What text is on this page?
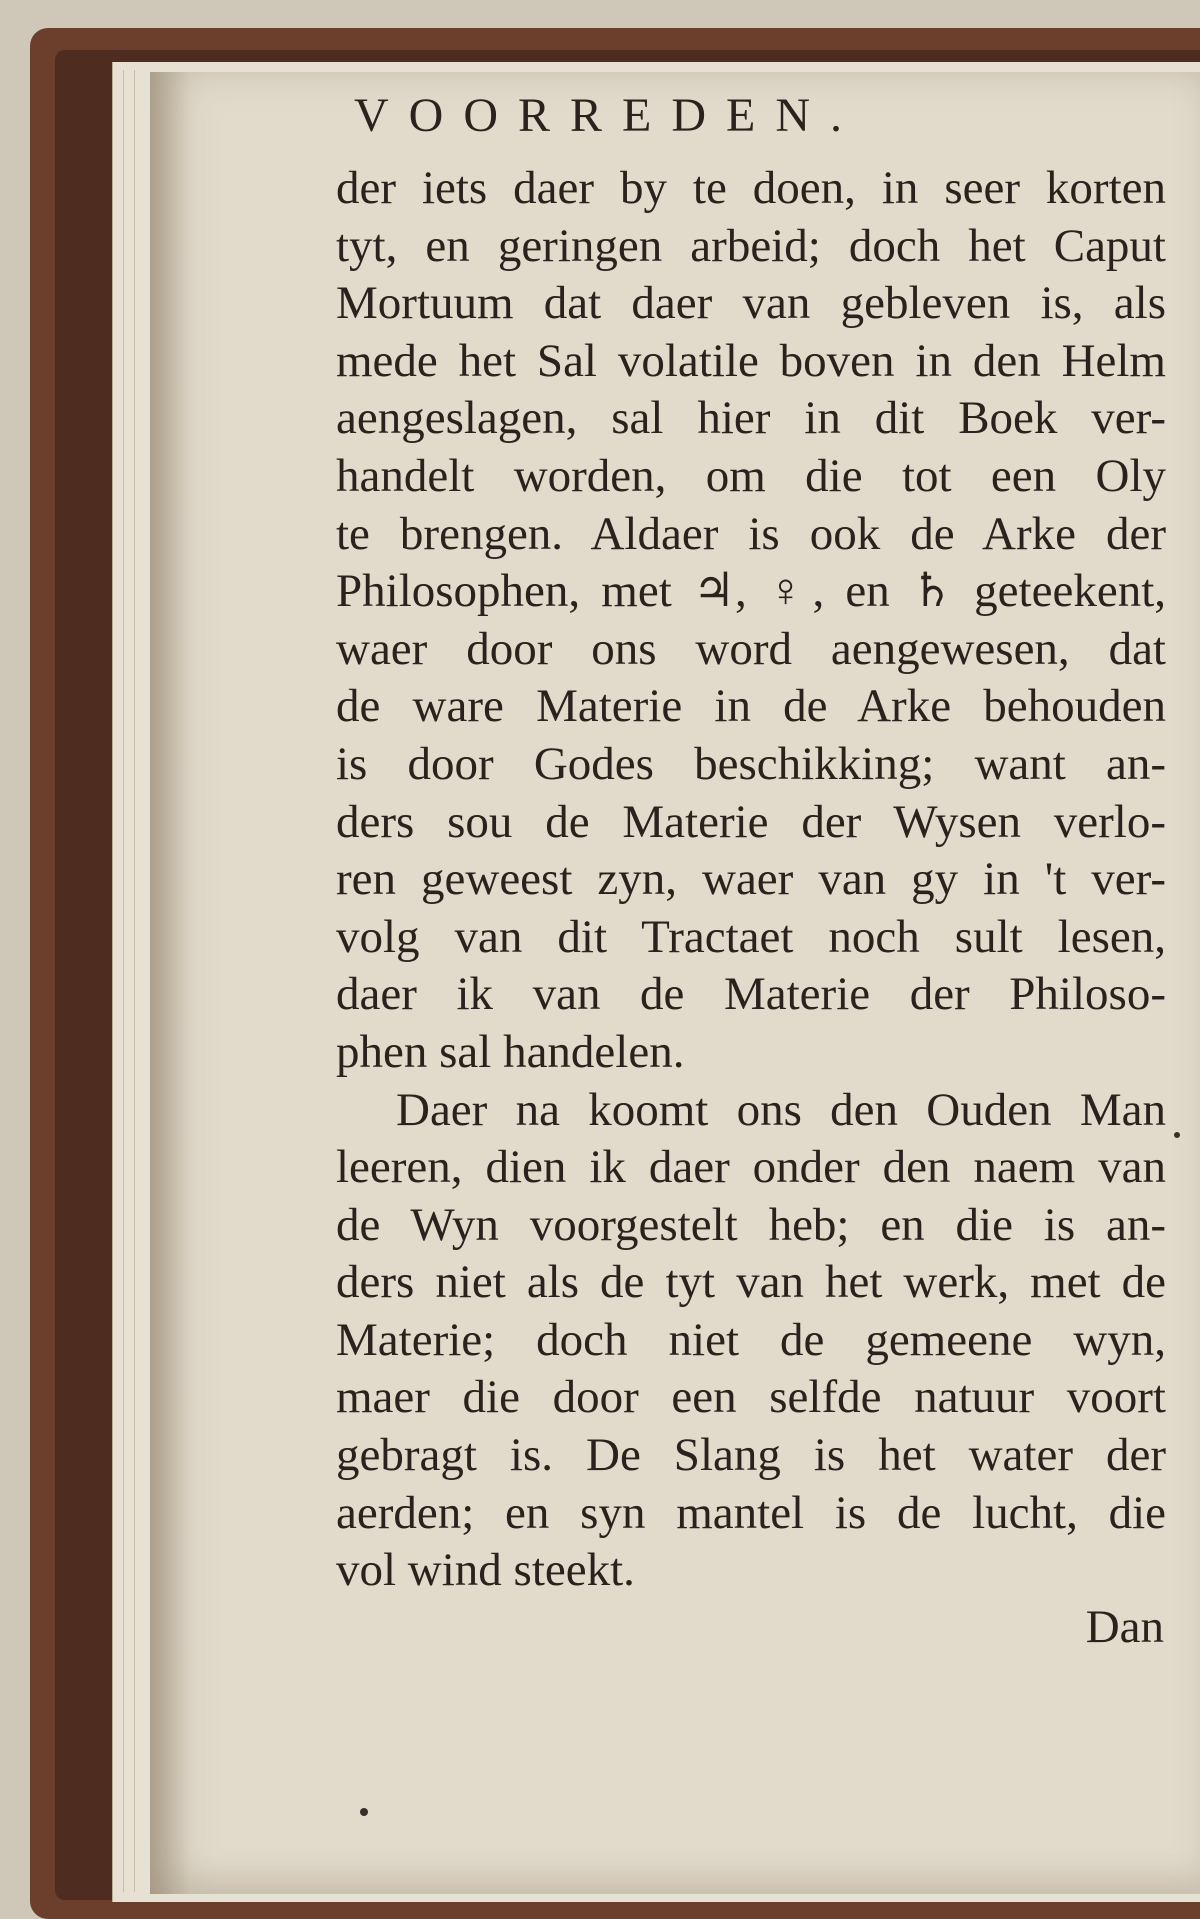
VOORREDEN.
der iets daer by te doen, in seer korten
tyt, en geringen arbeid; doch het Caput
Mortuum dat daer van gebleven is, als
mede het Sal volatile boven in den Helm
aengeslagen, sal hier in dit Boek ver-
handelt worden, om die tot een Oly
te brengen. Aldaer is ook de Arke der
Philosophen, met ♃, ♀, en ♄ geteekent,
waer door ons word aengewesen, dat
de ware Materie in de Arke behouden
is door Godes beschikking; want an-
ders sou de Materie der Wysen verlo-
ren geweest zyn, waer van gy in 't ver-
volg van dit Tractaet noch sult lesen,
daer ik van de Materie der Philoso-
phen sal handelen.
Daer na koomt ons den Ouden Man
leeren, dien ik daer onder den naem van
de Wyn voorgestelt heb; en die is an-
ders niet als de tyt van het werk, met de
Materie; doch niet de gemeene wyn,
maer die door een selfde natuur voort
gebragt is. De Slang is het water der
aerden; en syn mantel is de lucht, die
vol wind steekt.
Dan
